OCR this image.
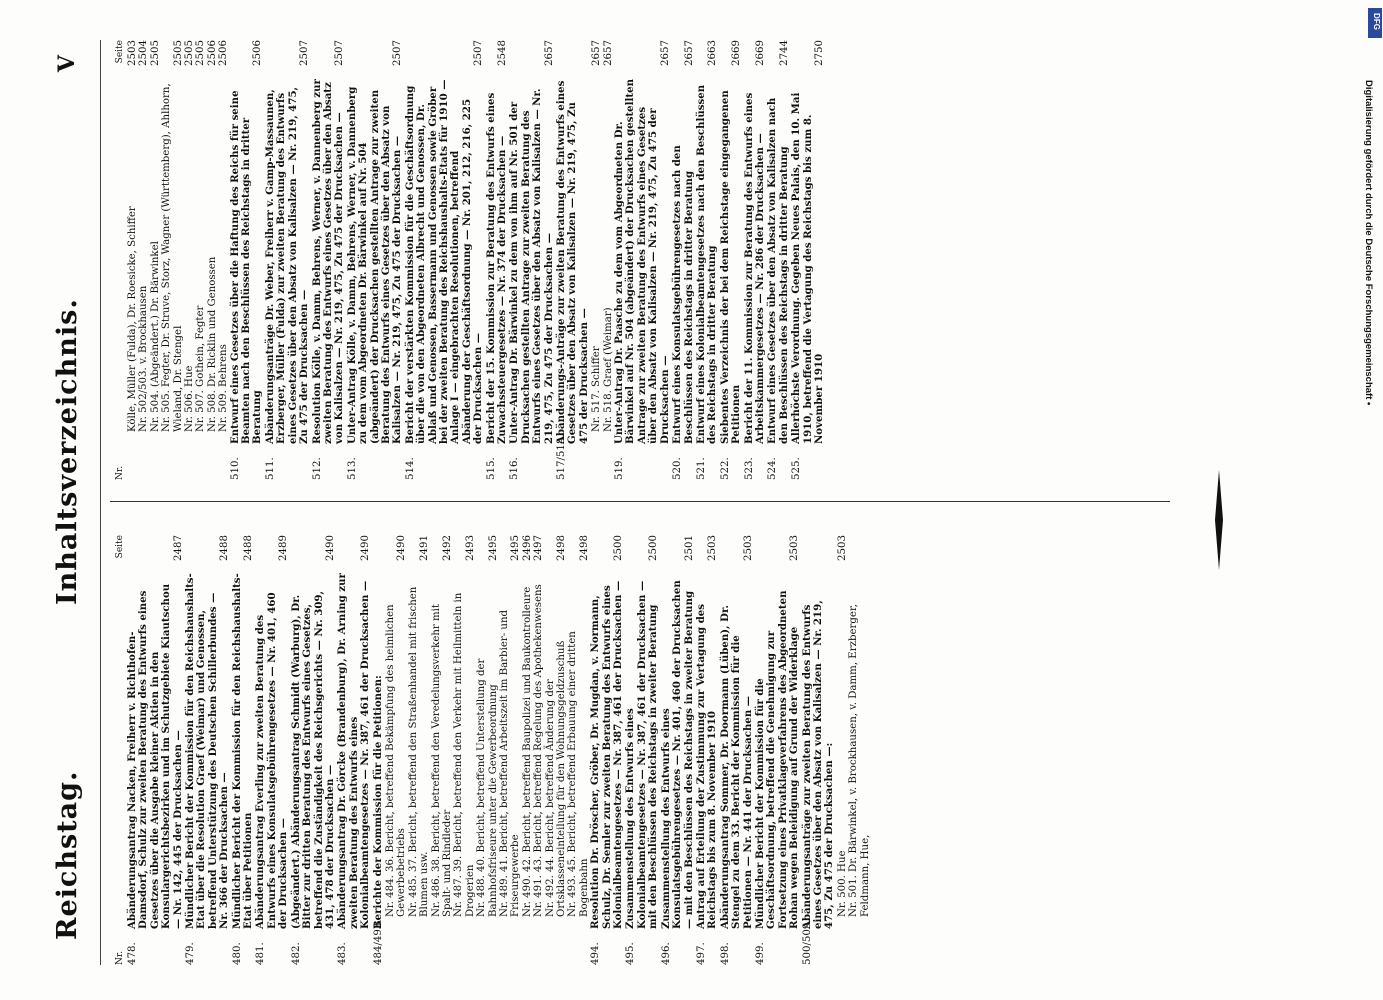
Reichstag.
Inhaltsverzeichnis.
V
Nr.
Seite
478.
Abänderungsantrag Nacken, Freiherr v. Richthofen-Damsdorf, Schulz zur zweiten Beratung des Entwurfs eines Gesetzes über die Ausgabe kleiner Aktien in den Konsulargerichtsbezirken und im Schutzgebiete Kiautschou — Nr. 142, 445 der Drucksachen —
2487
479.
Mündlicher Bericht der Kommission für den Reichshaushalts-Etat über die Resolution Graef (Weimar) und Genossen, betreffend Unterstützung des Deutschen Schillerbundes — Nr. 366 der Drucksachen —
2488
480.
Mündlicher Bericht der Kommission für den Reichshaushalts-Etat über Petitionen
2488
481.
Abänderungsantrag Everling zur zweiten Beratung des Entwurfs eines Konsulatsgebührengesetzes — Nr. 401, 460 der Drucksachen —
2489
482.
(Abgeändert.) Abänderungsantrag Schmidt (Warburg), Dr. Bitter zur dritten Beratung des Entwurfs eines Gesetzes, betreffend die Zuständigkeit des Reichsgerichts — Nr. 309, 431, 478 der Drucksachen —
2490
483.
Abänderungsantrag Dr. Görcke (Brandenburg), Dr. Arning zur zweiten Beratung des Entwurfs eines Kolonialbeamtengesetzes — Nr. 387, 461 der Drucksachen —
2490
484/493.
Berichte der Kommission für die Petitionen: Nr. 484. 36. Bericht, betreffend Bekämpfung des heimlichen Gewerbebetriebs
2490
Nr. 485. 37. Bericht, betreffend den Straßenhandel mit frischen Blumen usw.
2491
Nr. 486. 38. Bericht, betreffend den Veredelungsverkehr mit Spalt- und Rindleder
2492
Nr. 487. 39. Bericht, betreffend den Verkehr mit Heilmitteln in Drogerien
2493
Nr. 488. 40. Bericht, betreffend Unterstellung der Bahnhofsfriseure unter die Gewerbeordnung
2495
Nr. 489. 41. Bericht, betreffend Arbeitszeit im Barbier- und Friseurgewerbe
2495
Nr. 490. 42. Bericht, betreffend Baupolizei und Baukontrolleure
2496
Nr. 491. 43. Bericht, betreffend Regelung des Apothekenwesens
2497
Nr. 492. 44. Bericht, betreffend Änderung der Ortsklasseneinteilung für den Wohnungsgeldzuschuß
2498
Nr. 493. 45. Bericht, betreffend Erbauung einer dritten Bogenbahn
2498
494.
Resolution Dr. Dröscher, Gröber, Dr. Mugdan, v. Normann, Schulz, Dr. Semler zur zweiten Beratung des Entwurfs eines Kolonialbeamtengesetzes — Nr. 387, 461 der Drucksachen —
2500
495.
Zusammenstellung des Entwurfs eines Kolonialbeamtengesetzes — Nr. 387, 461 der Drucksachen — mit den Beschlüssen des Reichstags in zweiter Beratung
2500
496.
Zusammenstellung des Entwurfs eines Konsulatsgebührengesetzes — Nr. 401, 460 der Drucksachen — mit den Beschlüssen des Reichstags in zweiter Beratung
2501
497.
Antrag auf Erteilung der Zustimmung zur Vertagung des Reichstags bis zum 8. November 1910
2503
498.
Abänderungsantrag Sommer, Dr. Doormann (Lüben), Dr. Stengel zu dem 33. Bericht der Kommission für die Petitionen — Nr. 441 der Drucksachen —
2503
499.
Mündlicher Bericht der Kommission für die Geschäftsordnung, betreffend die Genehmigung zur Fortsetzung eines Privatklageverfahrens des Abgeordneten Rohan wegen Beleidigung auf Grund der Widerklage
2503
500/509.
Abänderungsanträge zur zweiten Beratung des Entwurfs eines Gesetzes über den Absatz von Kalisalzen — Nr. 219, 475, Zu 475 der Drucksachen —: Nr. 500. Hue
2503
Nr. 501. Dr. Bärwinkel, v. Brockhausen, v. Damm, Erzberger, Feldmann, Hue,
Nr.
Seite
Kölle, Müller (Fulda), Dr. Roesicke, Schiffer
2503
Nr. 502/503. v. Brockhausen
2504
Nr. 504. (Abgeändert.) Dr. Bärwinkel
2505
Nr. 505. Fegter, Dr. Struve, Storz, Wagner (Württemberg), Ahlhorn, Wieland, Dr. Stengel
2505
Nr. 506. Hue
2505
Nr. 507. Gothein, Fegter
2505
Nr. 508. Dr. Ricklin und Genossen
2506
Nr. 509. Behrens
2506
510.
Entwurf eines Gesetzes über die Haftung des Reichs für seine Beamten nach den Beschlüssen des Reichstags in dritter Beratung
2506
511.
Abänderungsanträge Dr. Weber, Freiherr v. Gamp-Massaunen, Erzberger, Müller (Fulda) zur zweiten Beratung des Entwurfs eines Gesetzes über den Absatz von Kalisalzen — Nr. 219, 475, Zu 475 der Drucksachen —
2507
512.
Resolution Kölle, v. Damm, Behrens, Werner, v. Dannenberg zur zweiten Beratung des Entwurfs eines Gesetzes über den Absatz von Kalisalzen — Nr. 219, 475, Zu 475 der Drucksachen —
2507
513.
Unter-Antrag Kölle, v. Damm, Behrens, Werner, v. Dannenberg zu dem vom Abgeordneten Dr. Bärwinkel auf Nr. 504 (abgeändert) der Drucksachen gestellten Antrage zur zweiten Beratung des Entwurfs eines Gesetzes über den Absatz von Kalisalzen — Nr. 219, 475, Zu 475 der Drucksachen —
2507
514.
Bericht der verstärkten Kommission für die Geschäftsordnung über die von den Abgeordneten Albrecht und Genossen, Dr. Ablaß und Genossen, Bassermann und Genossen sowie Gröber bei der zweiten Beratung des Reichshaushalts-Etats für 1910 — Anlage I — eingebrachten Resolutionen, betreffend Abänderung der Geschäftsordnung — Nr. 201, 212, 216, 225 der Drucksachen —
2507
515.
Bericht der 15. Kommission zur Beratung des Entwurfs eines Zuwachssteuergesetzes — Nr. 374 der Drucksachen —
2548
516.
Unter-Antrag Dr. Bärwinkel zu dem von ihm auf Nr. 501 der Drucksachen gestellten Antrage zur zweiten Beratung des Entwurfs eines Gesetzes über den Absatz von Kalisalzen — Nr. 219, 475, Zu 475 der Drucksachen —
2657
517/518.
Abänderungs-Anträge zur zweiten Beratung des Entwurfs eines Gesetzes über den Absatz von Kalisalzen — Nr. 219, 475, Zu 475 der Drucksachen — Nr. 517. Schiffer
2657
Nr. 518. Graef (Weimar)
2657
519.
Unter-Antrag Dr. Paasche zu dem vom Abgeordneten Dr. Bärwinkel auf Nr. 504 (abgeändert) der Drucksachen gestellten Antrage zur zweiten Beratung des Entwurfs eines Gesetzes über den Absatz von Kalisalzen — Nr. 219, 475, Zu 475 der Drucksachen —
2657
520.
Entwurf eines Konsulatsgebührengesetzes nach den Beschlüssen des Reichstags in dritter Beratung
2657
521.
Entwurf eines Kolonialbeamtengesetzes nach den Beschlüssen des Reichstags in dritter Beratung
2663
522.
Siebentes Verzeichnis der bei dem Reichstage eingegangenen Petitionen
2669
523.
Bericht der 11. Kommission zur Beratung des Entwurfs eines Arbeitskammergesetzes — Nr. 286 der Drucksachen —
2669
524.
Entwurf eines Gesetzes über den Absatz von Kalisalzen nach den Beschlüssen des Reichstags in dritter Beratung
2744
525.
Allerhöchste Verordnung. Gegeben Neues Palais, den 10. Mai 1910, betreffend die Vertagung des Reichstags bis zum 8. November 1910
2750
Digitalisierung gefördert durch die Deutsche Forschungsgemeinschaft •
DFG
